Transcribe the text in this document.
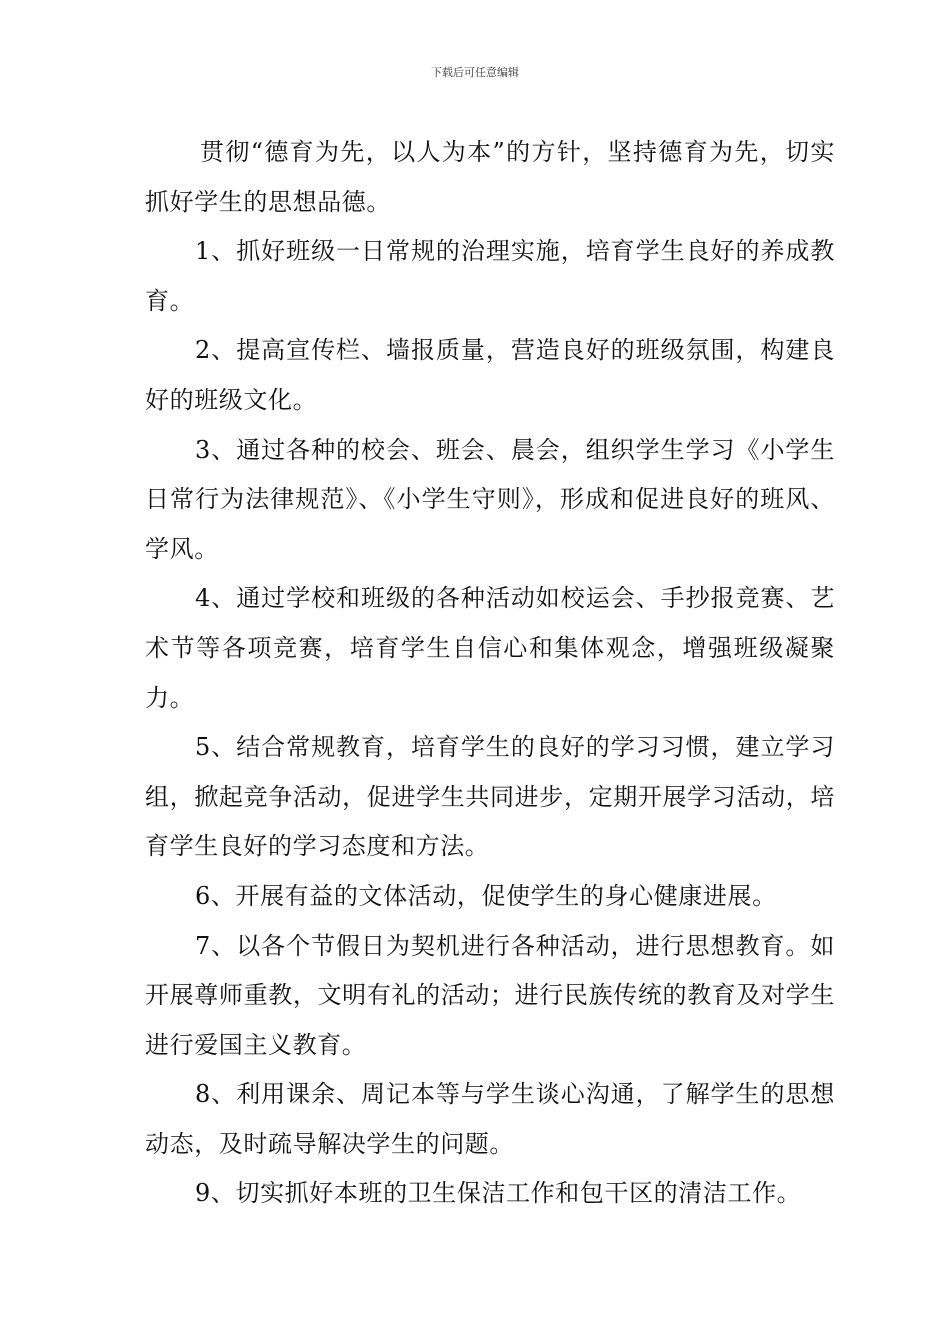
下载后可任意编辑

贯彻“德育为先，以人为本”的方针，坚持德育为先，切实抓好学生的思想品德。

1、抓好班级一日常规的治理实施，培育学生良好的养成教育。

2、提高宣传栏、墙报质量，营造良好的班级氛围，构建良好的班级文化。

3、通过各种的校会、班会、晨会，组织学生学习《小学生日常行为法律规范》、《小学生守则》，形成和促进良好的班风、学风。

4、通过学校和班级的各种活动如校运会、手抄报竞赛、艺术节等各项竞赛，培育学生自信心和集体观念，增强班级凝聚力。

5、结合常规教育，培育学生的良好的学习习惯，建立学习组，掀起竞争活动，促进学生共同进步，定期开展学习活动，培育学生良好的学习态度和方法。

6、开展有益的文体活动，促使学生的身心健康进展。

7、以各个节假日为契机进行各种活动，进行思想教育。如开展尊师重教，文明有礼的活动；进行民族传统的教育及对学生进行爱国主义教育。

8、利用课余、周记本等与学生谈心沟通，了解学生的思想动态，及时疏导解决学生的问题。

9、切实抓好本班的卫生保洁工作和包干区的清洁工作。
